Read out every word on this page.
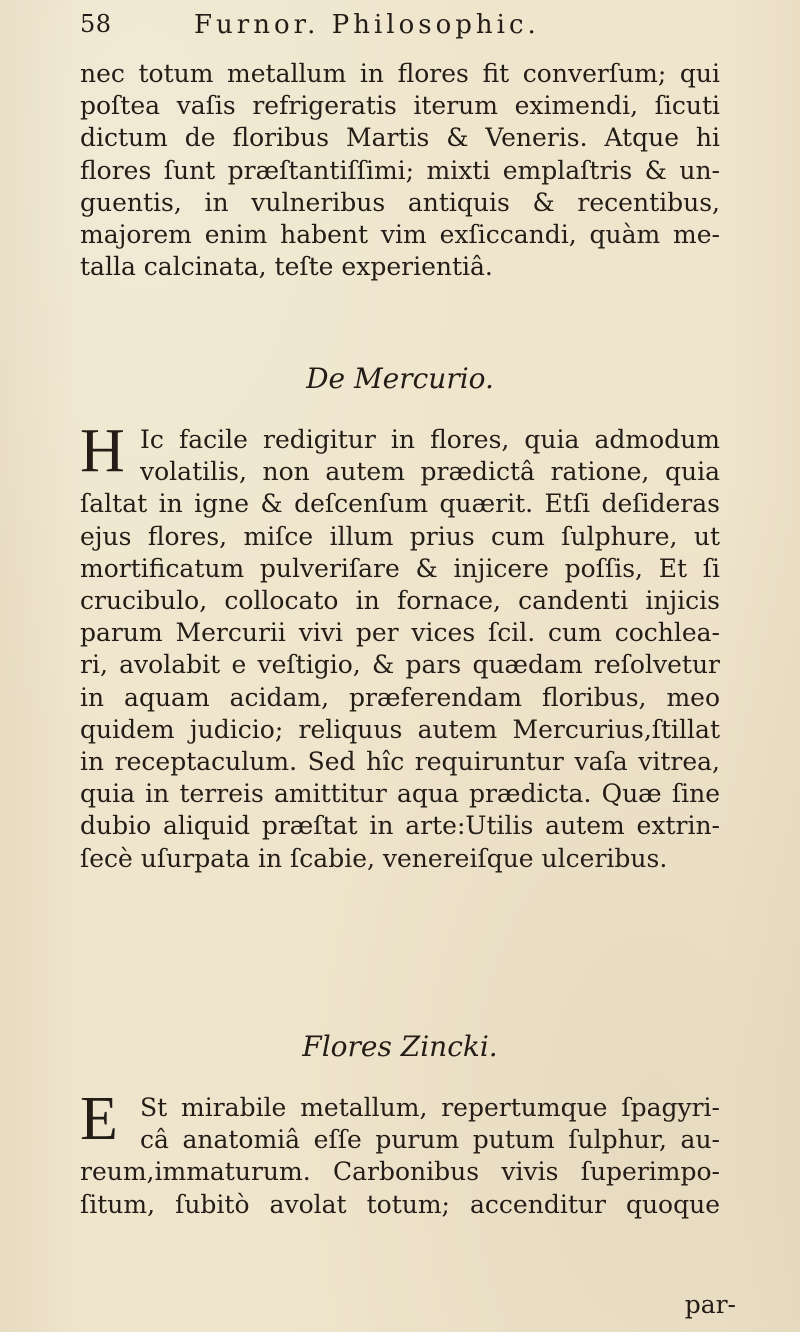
58	Furnor. Philosophic.
nec totum metallum in flores fit converſum; qui
poſtea vaſis refrigeratis iterum eximendi, ſicuti
dictum de floribus Martis & Veneris. Atque hi
flores ſunt præſtantiſſimi; mixti emplaſtris & un-
guentis, in vulneribus antiquis & recentibus,
majorem enim habent vim exſiccandi, quàm me-
talla calcinata, teſte experientiâ.
De Mercurio.
H Ic facile redigitur in flores, quia admodum
volatilis, non autem prædictâ ratione, quia
ſaltat in igne & deſcenſum quærit. Etſi deſideras
ejus flores, miſce illum prius cum ſulphure, ut
mortificatum pulveriſare & injicere poſſis, Et ſi
crucibulo, collocato in fornace, candenti injicis
parum Mercurii vivi per vices ſcil. cum cochlea-
ri, avolabit e veſtigio, & pars quædam reſolvetur
in aquam acidam, præferendam floribus, meo
quidem judicio; reliquus autem Mercurius,ſtillat
in receptaculum. Sed hîc requiruntur vaſa vitrea,
quia in terreis amittitur aqua prædicta. Quæ ſine
dubio aliquid præſtat in arte:Utilis autem extrin-
ſecè uſurpata in ſcabie, venereiſque ulceribus.
Flores Zincki.
E St mirabile metallum, repertumque ſpagyri-
câ anatomiâ eſſe purum putum ſulphur, au-
reum,immaturum. Carbonibus vivis ſuperimpo-
ſitum, ſubitò avolat totum; accenditur quoque
par-
